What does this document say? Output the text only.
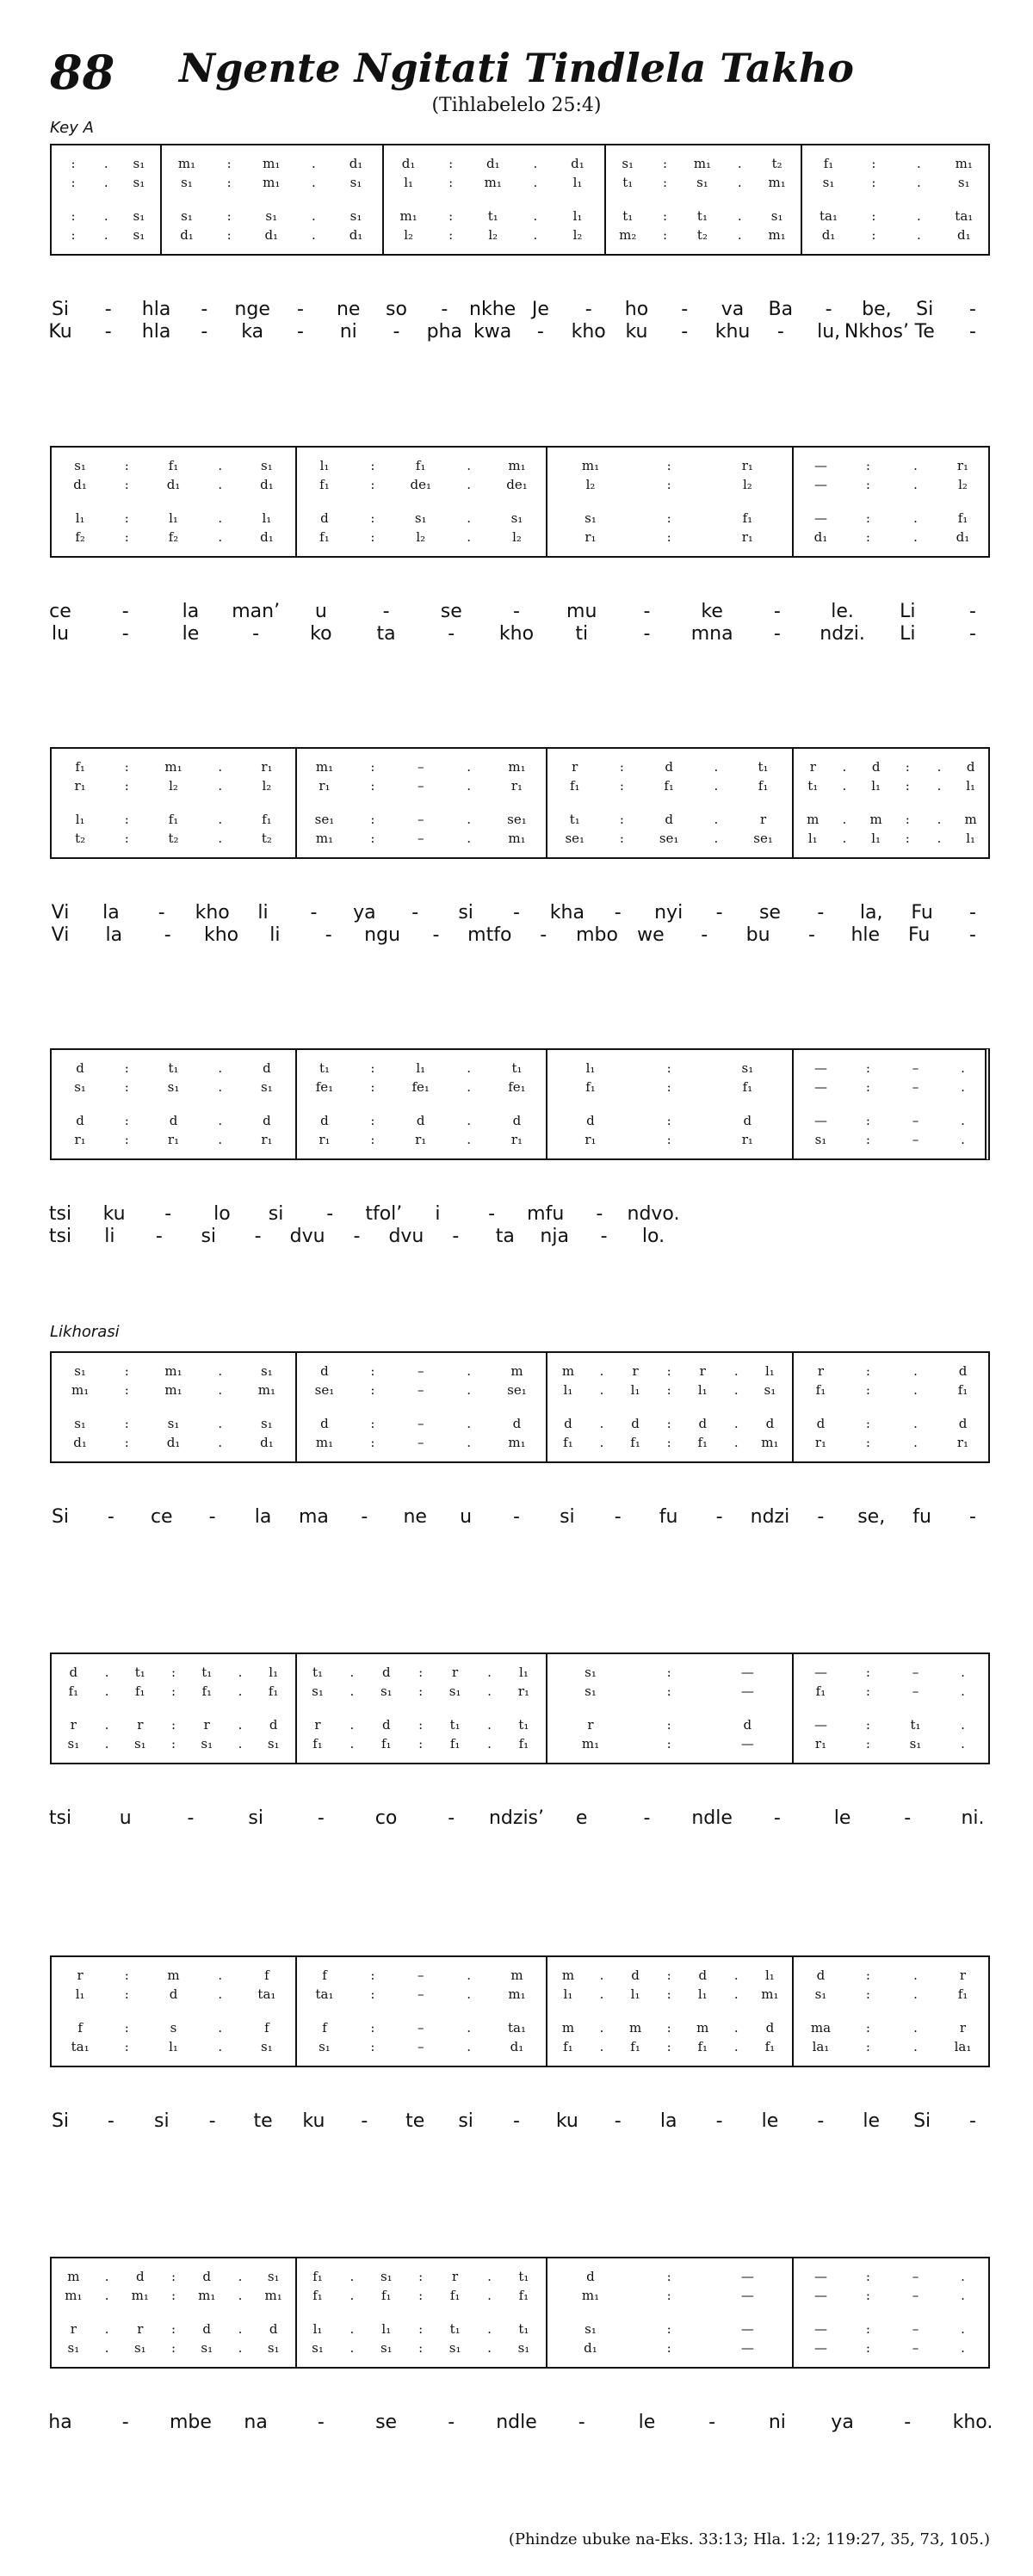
88	Ngente Ngitati Tindlela Takho
(Tihlabelelo 25:4)
Key A
Likhorasi
(Phindze ubuke na-Eks. 33:13; Hla. 1:2; 119:27, 35, 73, 105.)
:	.	s₁	m₁	:	m₁	.	d₁	d₁	:	d₁	.	d₁	s₁	:	m₁	.	t₂	f₁	:	.	m₁
:	.	s₁	s₁	:	m₁	.	s₁	l₁	:	m₁	.	l₁	t₁	:	s₁	.	m₁	s₁	:	.	s₁
:	.	s₁	s₁	:	s₁	.	s₁	m₁	:	t₁	.	l₁	t₁	:	t₁	.	s₁	ta₁	:	.	ta₁
:	.	s₁	d₁	:	d₁	.	d₁	l₂	:	l₂	.	l₂	m₂	:	t₂	.	m₁	d₁	:	.	d₁
Si - hla - nge - ne so - nkhe Je - ho - va Ba - be, Si -
Ku - hla - ka - ni - pha kwa - kho ku - khu - lu, Nkhos’ Te -
s₁	:	f₁	.	s₁	l₁	:	f₁	.	m₁	m₁	:	r₁	—	:	.	r₁
d₁	:	d₁	.	d₁	f₁	:	de₁	.	de₁	l₂	:	l₂	—	:	.	l₂
l₁	:	l₁	.	l₁	d	:	s₁	.	s₁	s₁	:	f₁	—	:	.	f₁
f₂	:	f₂	.	d₁	f₁	:	l₂	.	l₂	r₁	:	r₁	d₁	:	.	d₁
ce	-	la man’ u	-	se	- mu -	ke	-	le. Li	-
lu	-	le	-	ko ta	- kho ti	- mna - ndzi. Li	-
f₁	:	m₁	.	r₁	m₁	:	–	.	m₁	r	:	d	.	t₁	r	.	d	:	.	d
r₁	:	l₂	.	l₂	r₁	:	–	.	r₁	f₁	:	f₁	.	f₁	t₁	.	l₁	:	.	l₁
l₁	:	f₁	.	f₁	se₁	:	–	.	se₁	t₁	:	d	.	r	m	.	m	:	.	m
t₂	:	t₂	.	t₂	m₁	:	–	.	m₁	se₁	:	se₁	.	se₁	l₁	.	l₁	:	.	l₁
Vi la - kho li - ya - si - kha - nyi - se - la, Fu -
Vi la - kho li - ngu - mtfo - mbo we - bu - hle Fu -
d	:	t₁	.	d	t₁	:	l₁	.	t₁	l₁	:	s₁	—	:	–	.
s₁	:	s₁	.	s₁	fe₁	:	fe₁	.	fe₁	f₁	:	f₁	—	:	–	.
d	:	d	.	d	d	:	d	.	d	d	:	d	—	:	–	.
r₁	:	r₁	.	r₁	r₁	:	r₁	.	r₁	r₁	:	r₁	s₁	:	–	.
tsi ku - lo si - tfol’ i	- mfu - ndvo.
tsi li - si - dvu - dvu - ta nja - lo.
s₁	:	m₁	.	s₁	d	:	–	.	m	m	.	r	:	r	.	l₁	r	:	.	d
m₁	:	m₁	.	m₁	se₁	:	–	.	se₁	l₁	.	l₁	:	l₁	.	s₁	f₁	:	.	f₁
s₁	:	s₁	.	s₁	d	:	–	.	d	d	.	d	:	d	.	d	d	:	.	d
d₁	:	d₁	.	d₁	m₁	:	–	.	m₁	f₁	.	f₁	:	f₁	.	m₁	r₁	:	.	r₁
Si - ce - la ma - ne u - si - fu - ndzi - se, fu -
d	.	t₁	:	t₁	.	l₁	t₁	.	d	:	r	.	l₁	s₁	:	—	—	:	–	.
f₁	.	f₁	:	f₁	.	f₁	s₁	.	s₁	:	s₁	.	r₁	s₁	:	—	f₁	:	–	.
r	.	r	:	r	.	d	r	.	d	:	t₁	.	t₁	r	:	d	—	:	t₁	.
s₁	.	s₁	:	s₁	.	s₁	f₁	.	f₁	:	f₁	.	f₁	m₁	:	—	r₁	:	s₁	.
tsi	u	-	si	-	co	- ndzis’ e	- ndle -	le	-	ni.
r	:	m	.	f	f	:	–	.	m	m	.	d	:	d	.	l₁	d	:	.	r
l₁	:	d	.	ta₁	ta₁	:	–	.	m₁	l₁	.	l₁	:	l₁	.	m₁	s₁	:	.	f₁
f	:	s	.	f	f	:	–	.	ta₁	m	.	m	:	m	.	d	ma	:	.	r
ta₁	:	l₁	.	s₁	s₁	:	–	.	d₁	f₁	.	f₁	:	f₁	.	f₁	la₁	:	.	la₁
Si - si - te ku - te si - ku - la - le - le Si -
m	.	d	:	d	.	s₁	f₁	.	s₁	:	r	.	t₁	d	:	—	—	:	–	.
m₁	.	m₁	:	m₁	.	m₁	f₁	.	f₁	:	f₁	.	f₁	m₁	:	—	—	:	–	.
r	.	r	:	d	.	d	l₁	.	l₁	:	t₁	.	t₁	s₁	:	—	—	:	–	.
s₁	.	s₁	:	s₁	.	s₁	s₁	.	s₁	:	s₁	.	s₁	d₁	:	—	—	:	–	.
ha	- mbe na	-	se	- ndle -	le	-	ni ya	- kho.
